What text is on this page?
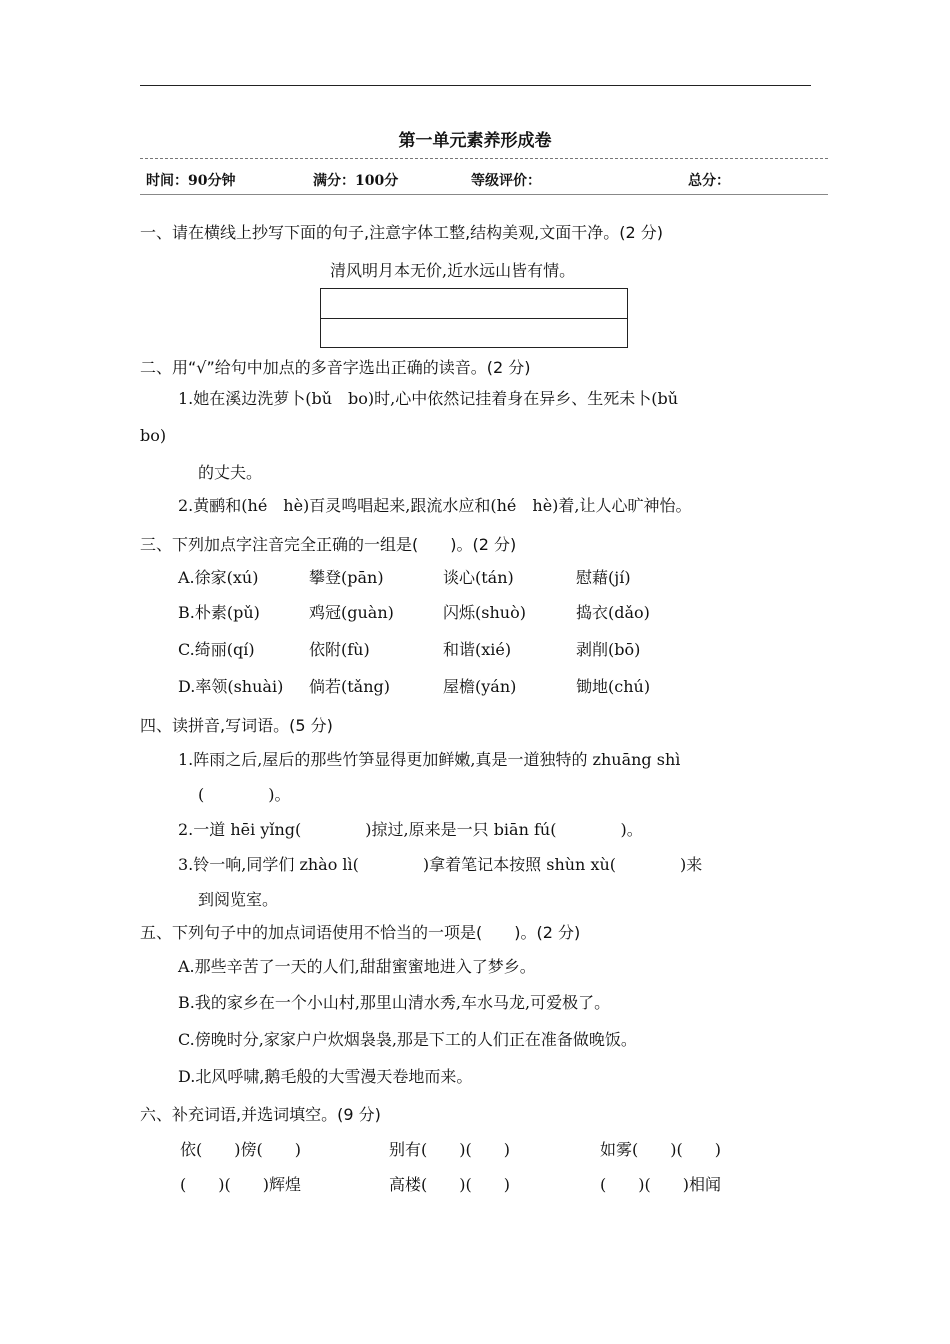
第一单元素养形成卷
时间：90分钟	满分：100分	等级评价：	总分：
一、请在横线上抄写下面的句子,注意字体工整,结构美观,文面干净。(2 分)
清风明月本无价,近水远山皆有情。
二、用“√”给句中加点的多音字选出正确的读音。(2 分)
1.她在溪边洗萝卜(bǔ　bo)时,心中依然记挂着身在异乡、生死未卜(bǔ
bo)
的丈夫。
2.黄鹂和(hé　hè)百灵鸣唱起来,跟流水应和(hé　hè)着,让人心旷神怡。
三、下列加点字注音完全正确的一组是(　　)。(2 分)
A.徐家(xú)	攀登(pān)	谈心(tán)	慰藉(jí)
B.朴素(pǔ)	鸡冠(guàn)	闪烁(shuò)	捣衣(dǎo)
C.绮丽(qí)	依附(fù)	和谐(xié)	剥削(bō)
D.率领(shuài) 倘若(tǎng)	屋檐(yán)	锄地(chú)
四、读拼音,写词语。(5 分)
1.阵雨之后,屋后的那些竹笋显得更加鲜嫩,真是一道独特的 zhuāng shì
(　　　　)。
2.一道 hēi yǐng(　　　　)掠过,原来是一只 biān fú(　　　　)。
3.铃一响,同学们 zhào lì(　　　　)拿着笔记本按照 shùn xù(　　　　)来
到阅览室。
五、下列句子中的加点词语使用不恰当的一项是(　　)。(2 分)
A.那些辛苦了一天的人们,甜甜蜜蜜地进入了梦乡。
B.我的家乡在一个小山村,那里山清水秀,车水马龙,可爱极了。
C.傍晚时分,家家户户炊烟袅袅,那是下工的人们正在准备做晚饭。
D.北风呼啸,鹅毛般的大雪漫天卷地而来。
六、补充词语,并选词填空。(9 分)
依(　　)傍(　　)	别有(　　)(　　)	如雾(　　)(　　)
(　　)(　　)辉煌	高楼(　　)(　　)	(　　)(　　)相闻
